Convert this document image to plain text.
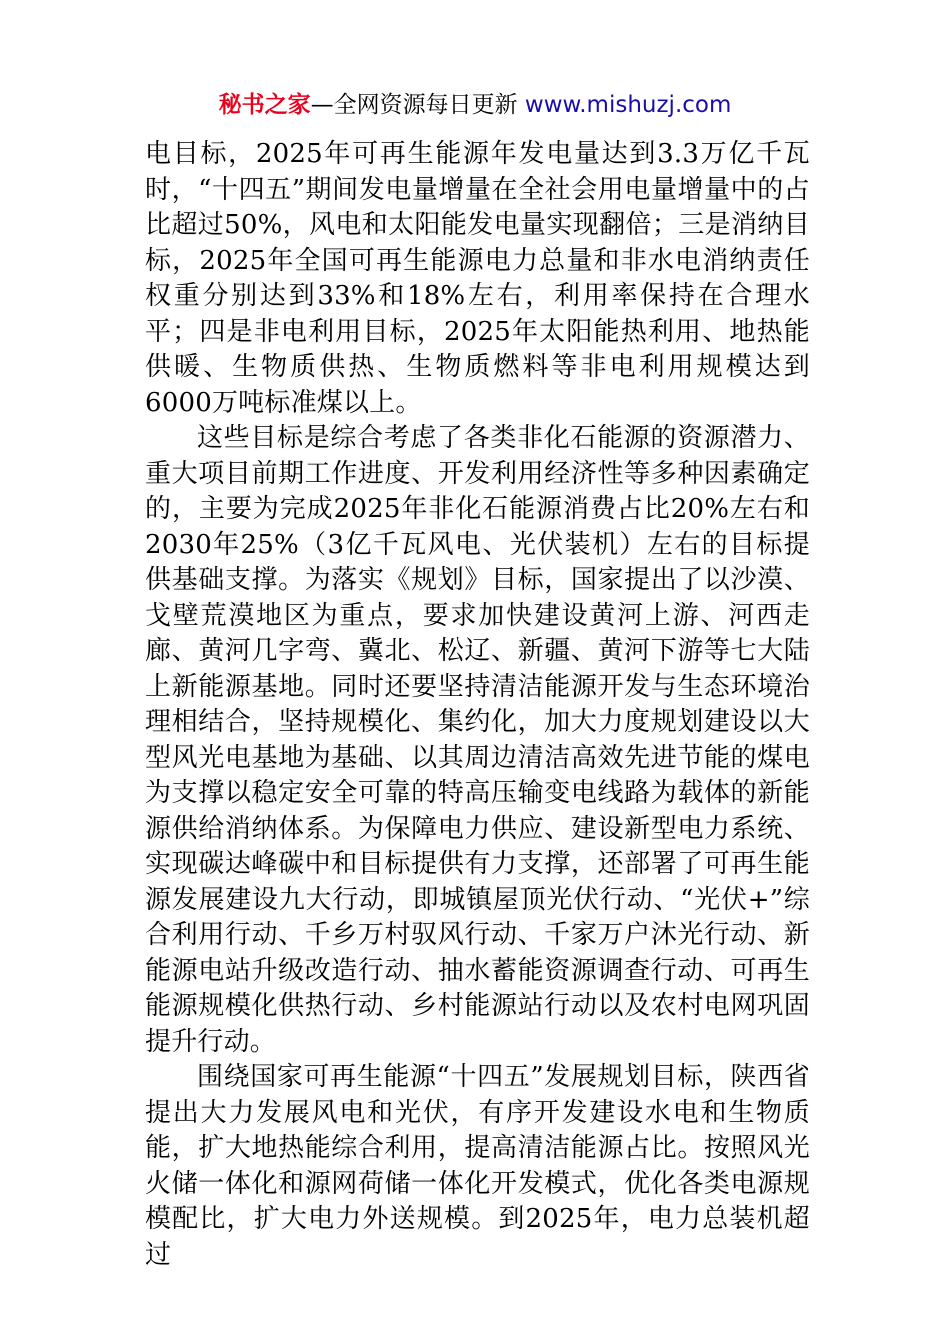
秘书之家—全网资源每日更新 www.mishuzj.com

电目标，2025年可再生能源年发电量达到3.3万亿千瓦时，“十四五”期间发电量增量在全社会用电量增量中的占比超过50%，风电和太阳能发电量实现翻倍；三是消纳目标，2025年全国可再生能源电力总量和非水电消纳责任权重分别达到33%和18%左右，利用率保持在合理水平；四是非电利用目标，2025年太阳能热利用、地热能供暖、生物质供热、生物质燃料等非电利用规模达到6000万吨标准煤以上。

这些目标是综合考虑了各类非化石能源的资源潜力、重大项目前期工作进度、开发利用经济性等多种因素确定的，主要为完成2025年非化石能源消费占比20%左右和2030年25%（3亿千瓦风电、光伏装机）左右的目标提供基础支撑。为落实《规划》目标，国家提出了以沙漠、戈壁荒漠地区为重点，要求加快建设黄河上游、河西走廊、黄河几字弯、冀北、松辽、新疆、黄河下游等七大陆上新能源基地。同时还要坚持清洁能源开发与生态环境治理相结合，坚持规模化、集约化，加大力度规划建设以大型风光电基地为基础、以其周边清洁高效先进节能的煤电为支撑以稳定安全可靠的特高压输变电线路为载体的新能源供给消纳体系。为保障电力供应、建设新型电力系统、实现碳达峰碳中和目标提供有力支撑，还部署了可再生能源发展建设九大行动，即城镇屋顶光伏行动、“光伏+”综合利用行动、千乡万村驭风行动、千家万户沐光行动、新能源电站升级改造行动、抽水蓄能资源调查行动、可再生能源规模化供热行动、乡村能源站行动以及农村电网巩固提升行动。

围绕国家可再生能源“十四五”发展规划目标，陕西省提出大力发展风电和光伏，有序开发建设水电和生物质能，扩大地热能综合利用，提高清洁能源占比。按照风光火储一体化和源网荷储一体化开发模式，优化各类电源规模配比，扩大电力外送规模。到2025年，电力总装机超过
